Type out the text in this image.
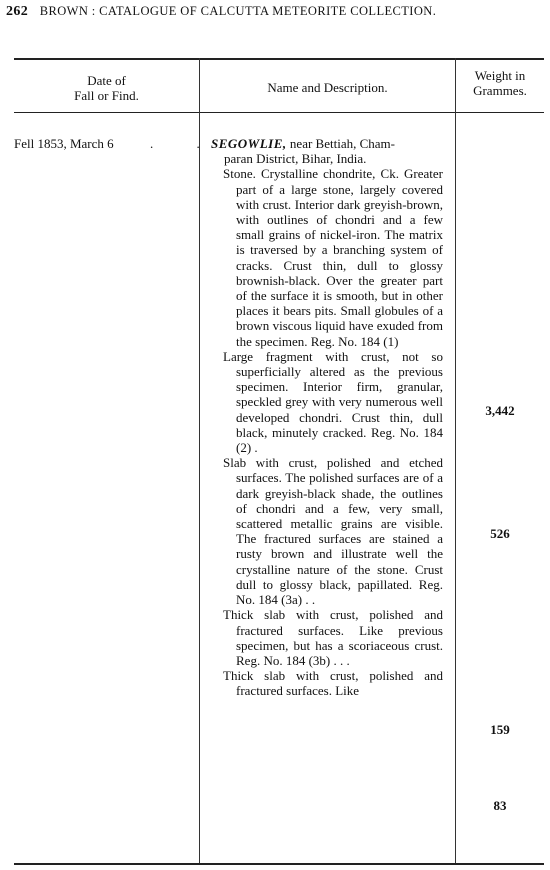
262 BROWN : CATALOGUE OF CALCUTTA METEORITE COLLECTION.
Date of
Fall or Find.
Name and Description.
Weight in
Grammes.
Fell 1853, March 6	. .
SEGOWLIE, near Bettiah, Cham-
paran District, Bihar, India.

Stone. Crystalline chondrite, Ck. Greater part of a large stone, largely covered with crust. Interior dark greyish-brown, with outlines of chondri and a few small grains of nickel-iron. The matrix is traversed by a branching system of cracks. Crust thin, dull to glossy brownish-black. Over the greater part of the surface it is smooth, but in other places it bears pits. Small globules of a brown viscous liquid have exuded from the specimen. Reg. No. 184 (1)

Large fragment with crust, not so superficially altered as the previous specimen. Interior firm, granular, speckled grey with very numerous well developed chondri. Crust thin, dull black, minutely cracked. Reg. No. 184 (2) .

Slab with crust, polished and etched surfaces. The polished surfaces are of a dark greyish-black shade, the outlines of chondri and a few, very small, scattered metallic grains are visible. The fractured surfaces are stained a rusty brown and illustrate well the crystalline nature of the stone. Crust dull to glossy black, papillated. Reg. No. 184 (3a) . .

Thick slab with crust, polished and fractured surfaces. Like previous specimen, but has a scoriaceous crust. Reg. No. 184 (3b) . . .

Thick slab with crust, polished and fractured surfaces. Like

3,442
526
159
83
